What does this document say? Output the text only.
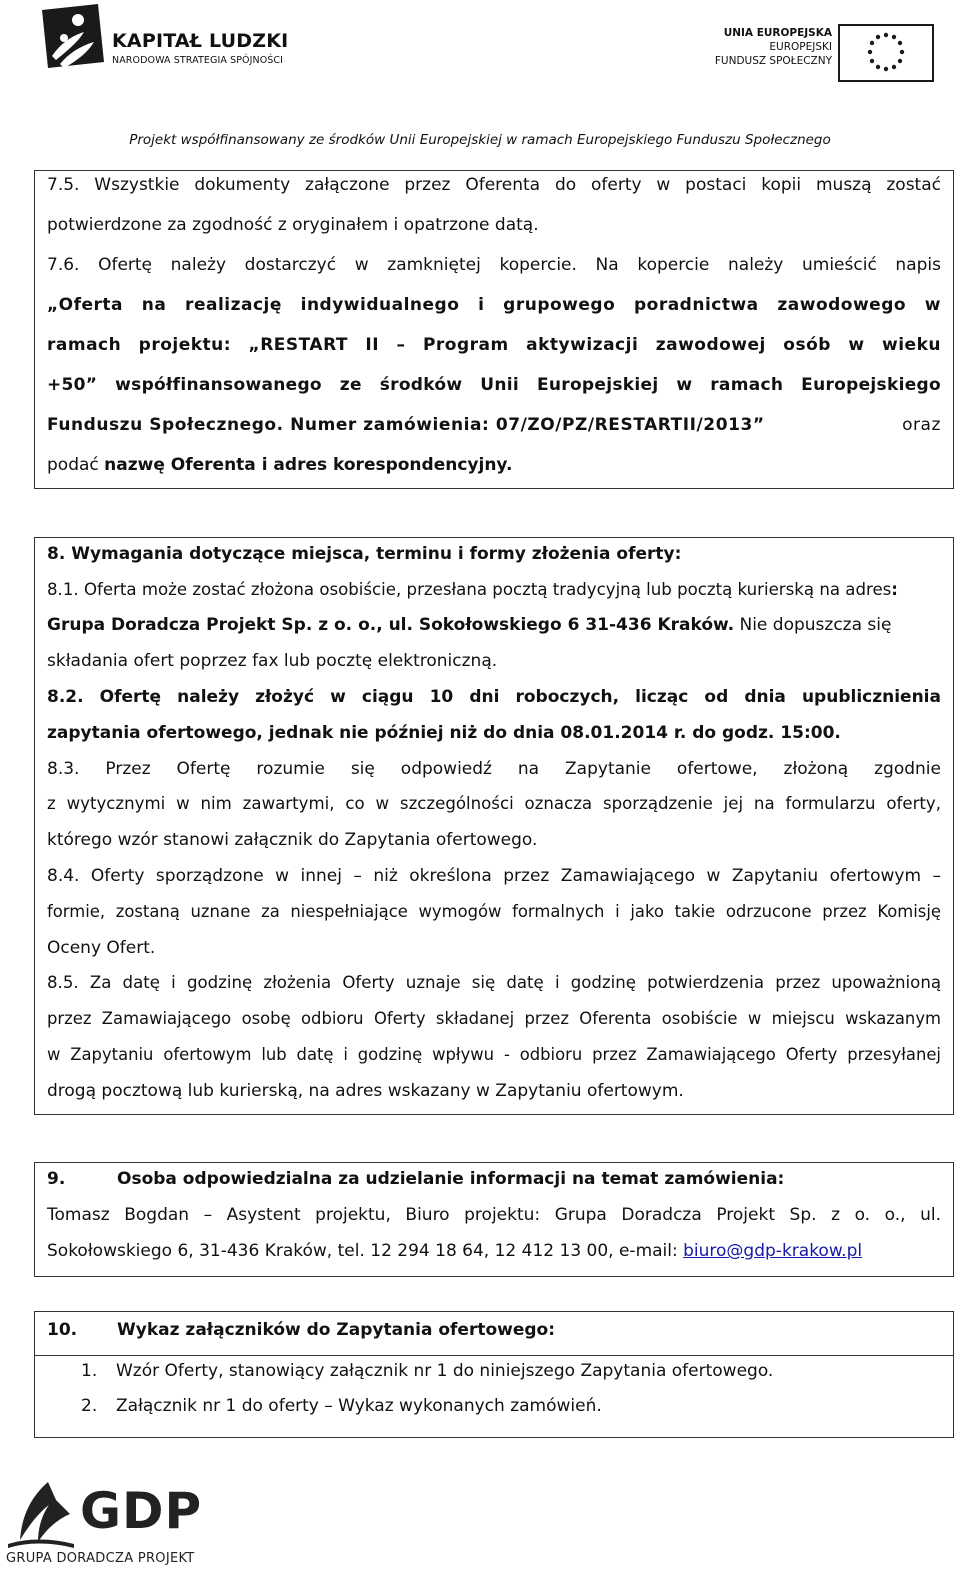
KAPITAŁ LUDZKI
NARODOWA STRATEGIA SPÓJNOŚCI
UNIA EUROPEJSKA
EUROPEJSKI
FUNDUSZ SPOŁECZNY
Projekt współfinansowany ze środków Unii Europejskiej w ramach Europejskiego Funduszu Społecznego
7.5. Wszystkie dokumenty załączone przez Oferenta do oferty w postaci kopii muszą zostać
potwierdzone za zgodność z oryginałem i opatrzone datą.
7.6. Ofertę należy dostarczyć w zamkniętej kopercie. Na kopercie należy umieścić napis
„Oferta na realizację indywidualnego i grupowego poradnictwa zawodowego w
ramach projektu: „RESTART II – Program aktywizacji zawodowej osób w wieku
+50” współfinansowanego ze środków Unii Europejskiej w ramach Europejskiego
Funduszu Społecznego. Numer zamówienia: 07/ZO/PZ/RESTARTII/2013”	oraz
podać nazwę Oferenta i adres korespondencyjny.
8. Wymagania dotyczące miejsca, terminu i formy złożenia oferty:
8.1. Oferta może zostać złożona osobiście, przesłana pocztą tradycyjną lub pocztą kurierską na adres:
Grupa Doradcza Projekt Sp. z o. o., ul. Sokołowskiego 6 31-436 Kraków. Nie dopuszcza się
składania ofert poprzez fax lub pocztę elektroniczną.
8.2. Ofertę należy złożyć w ciągu 10 dni roboczych, licząc od dnia upublicznienia
zapytania ofertowego, jednak nie później niż do dnia 08.01.2014 r. do godz. 15:00.
8.3. Przez Ofertę rozumie się odpowiedź na Zapytanie ofertowe, złożoną zgodnie
z wytycznymi w nim zawartymi, co w szczególności oznacza sporządzenie jej na formularzu oferty,
którego wzór stanowi załącznik do Zapytania ofertowego.
8.4. Oferty sporządzone w innej – niż określona przez Zamawiającego w Zapytaniu ofertowym –
formie, zostaną uznane za niespełniające wymogów formalnych i jako takie odrzucone przez Komisję
Oceny Ofert.
8.5. Za datę i godzinę złożenia Oferty uznaje się datę i godzinę potwierdzenia przez upoważnioną
przez Zamawiającego osobę odbioru Oferty składanej przez Oferenta osobiście w miejscu wskazanym
w Zapytaniu ofertowym lub datę i godzinę wpływu - odbioru przez Zamawiającego Oferty przesyłanej
drogą pocztową lub kurierską, na adres wskazany w Zapytaniu ofertowym.
9.	Osoba odpowiedzialna za udzielanie informacji na temat zamówienia:
Tomasz Bogdan – Asystent projektu, Biuro projektu: Grupa Doradcza Projekt Sp. z o. o., ul.
Sokołowskiego 6, 31-436 Kraków, tel. 12 294 18 64, 12 412 13 00, e-mail: biuro@gdp-krakow.pl
10. Wykaz załączników do Zapytania ofertowego:
1. Wzór Oferty, stanowiący załącznik nr 1 do niniejszego Zapytania ofertowego.
2. Załącznik nr 1 do oferty – Wykaz wykonanych zamówień.
GDP
GRUPA DORADCZA PROJEKT
